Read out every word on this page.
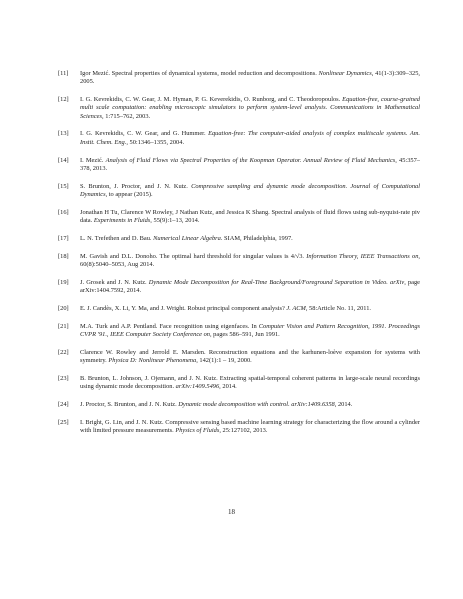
[11]	Igor Mezić. Spectral properties of dynamical systems, model reduction and decompositions. Nonlinear Dynamics, 41(1-3):309–325, 2005.
[12]	I. G. Kevrekidis, C. W. Gear, J. M. Hyman, P. G. Keverekidis, O. Runborg, and C. Theodoropoulos. Equation-free, course-grained multi scale computation: enabling microscopic simulators to perform system-level analysis. Communications in Mathematical Sciences, 1:715–762, 2003.
[13]	I. G. Kevrekidis, C. W. Gear, and G. Hummer. Equation-free: The computer-aided analysis of complex multiscale systems. Am. Instit. Chem. Eng., 50:1346–1355, 2004.
[14]	I. Mezić. Analysis of Fluid Flows via Spectral Properties of the Koopman Operator. Annual Review of Fluid Mechanics, 45:357–378, 2013.
[15]	S. Brunton, J. Proctor, and J. N. Kutz. Compressive sampling and dynamic mode decomposition. Journal of Computational Dynamics, to appear (2015).
[16]	Jonathan H Tu, Clarence W Rowley, J Nathan Kutz, and Jessica K Shang. Spectral analysis of fluid flows using sub-nyquist-rate piv data. Experiments in Fluids, 55(9):1–13, 2014.
[17]	L. N. Trefethen and D. Bau. Numerical Linear Algebra. SIAM, Philadelphia, 1997.
[18]	M. Gavish and D.L. Donoho. The optimal hard threshold for singular values is 4/√3. Information Theory, IEEE Transactions on, 60(8):5040–5053, Aug 2014.
[19]	J. Grosek and J. N. Kutz. Dynamic Mode Decomposition for Real-Time Background/Foreground Separation in Video. arXiv, page arXiv:1404.7592, 2014.
[20]	E. J. Candès, X. Li, Y. Ma, and J. Wright. Robust principal component analysis? J. ACM, 58:Article No. 11, 2011.
[21]	M.A. Turk and A.P. Pentland. Face recognition using eigenfaces. In Computer Vision and Pattern Recognition, 1991. Proceedings CVPR '91., IEEE Computer Society Conference on, pages 586–591, Jun 1991.
[22]	Clarence W. Rowley and Jerrold E. Marsden. Reconstruction equations and the karhunen-loève expansion for systems with symmetry. Physica D: Nonlinear Phenomena, 142(1):1 – 19, 2000.
[23]	B. Brunton, L. Johnson, J. Ojemann, and J. N. Kutz. Extracting spatial-temporal coherent patterns in large-scale neural recordings using dynamic mode decomposition. arXiv:1409.5496, 2014.
[24]	J. Proctor, S. Brunton, and J. N. Kutz. Dynamic mode decomposition with control. arXiv:1409.6358, 2014.
[25]	I. Bright, G. Lin, and J. N. Kutz. Compressive sensing based machine learning strategy for characterizing the flow around a cylinder with limited pressure measurements. Physics of Fluids, 25:127102, 2013.
18
